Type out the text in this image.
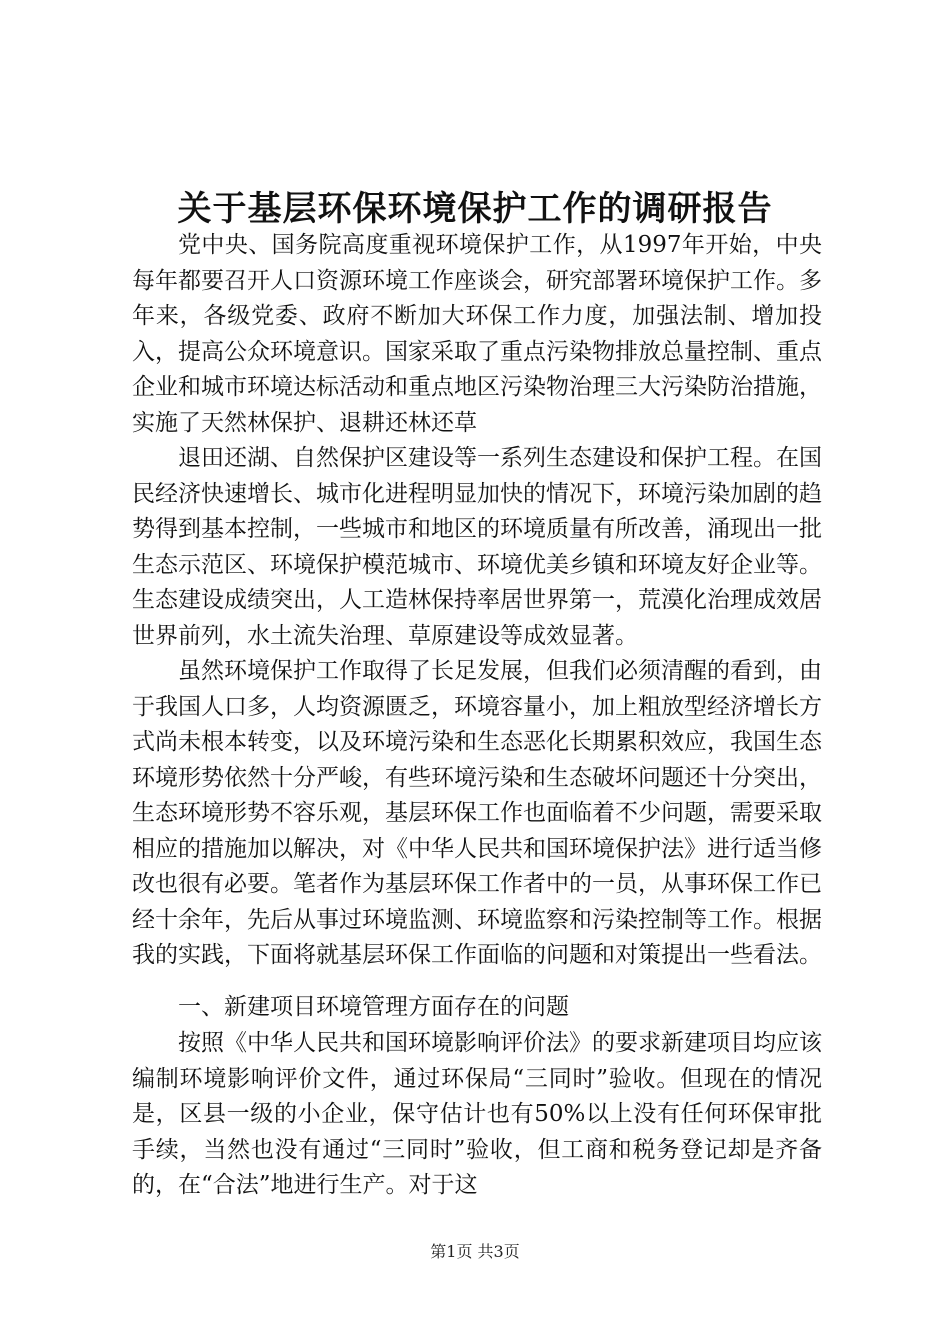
关于基层环保环境保护工作的调研报告

党中央、国务院高度重视环境保护工作，从1997年开始，中央每年都要召开人口资源环境工作座谈会，研究部署环境保护工作。多年来，各级党委、政府不断加大环保工作力度，加强法制、增加投入，提高公众环境意识。国家采取了重点污染物排放总量控制、重点企业和城市环境达标活动和重点地区污染物治理三大污染防治措施，实施了天然林保护、退耕还林还草

退田还湖、自然保护区建设等一系列生态建设和保护工程。在国民经济快速增长、城市化进程明显加快的情况下，环境污染加剧的趋势得到基本控制，一些城市和地区的环境质量有所改善，涌现出一批生态示范区、环境保护模范城市、环境优美乡镇和环境友好企业等。生态建设成绩突出，人工造林保持率居世界第一，荒漠化治理成效居世界前列，水土流失治理、草原建设等成效显著。

虽然环境保护工作取得了长足发展，但我们必须清醒的看到，由于我国人口多，人均资源匮乏，环境容量小，加上粗放型经济增长方式尚未根本转变，以及环境污染和生态恶化长期累积效应，我国生态环境形势依然十分严峻，有些环境污染和生态破坏问题还十分突出，生态环境形势不容乐观，基层环保工作也面临着不少问题，需要采取相应的措施加以解决，对《中华人民共和国环境保护法》进行适当修改也很有必要。笔者作为基层环保工作者中的一员，从事环保工作已经十余年，先后从事过环境监测、环境监察和污染控制等工作。根据我的实践，下面将就基层环保工作面临的问题和对策提出一些看法。

一、新建项目环境管理方面存在的问题

按照《中华人民共和国环境影响评价法》的要求新建项目均应该编制环境影响评价文件，通过环保局“三同时”验收。但现在的情况是，区县一级的小企业，保守估计也有50%以上没有任何环保审批手续，当然也没有通过“三同时”验收，但工商和税务登记却是齐备的，在“合法”地进行生产。对于这

第1页 共3页
